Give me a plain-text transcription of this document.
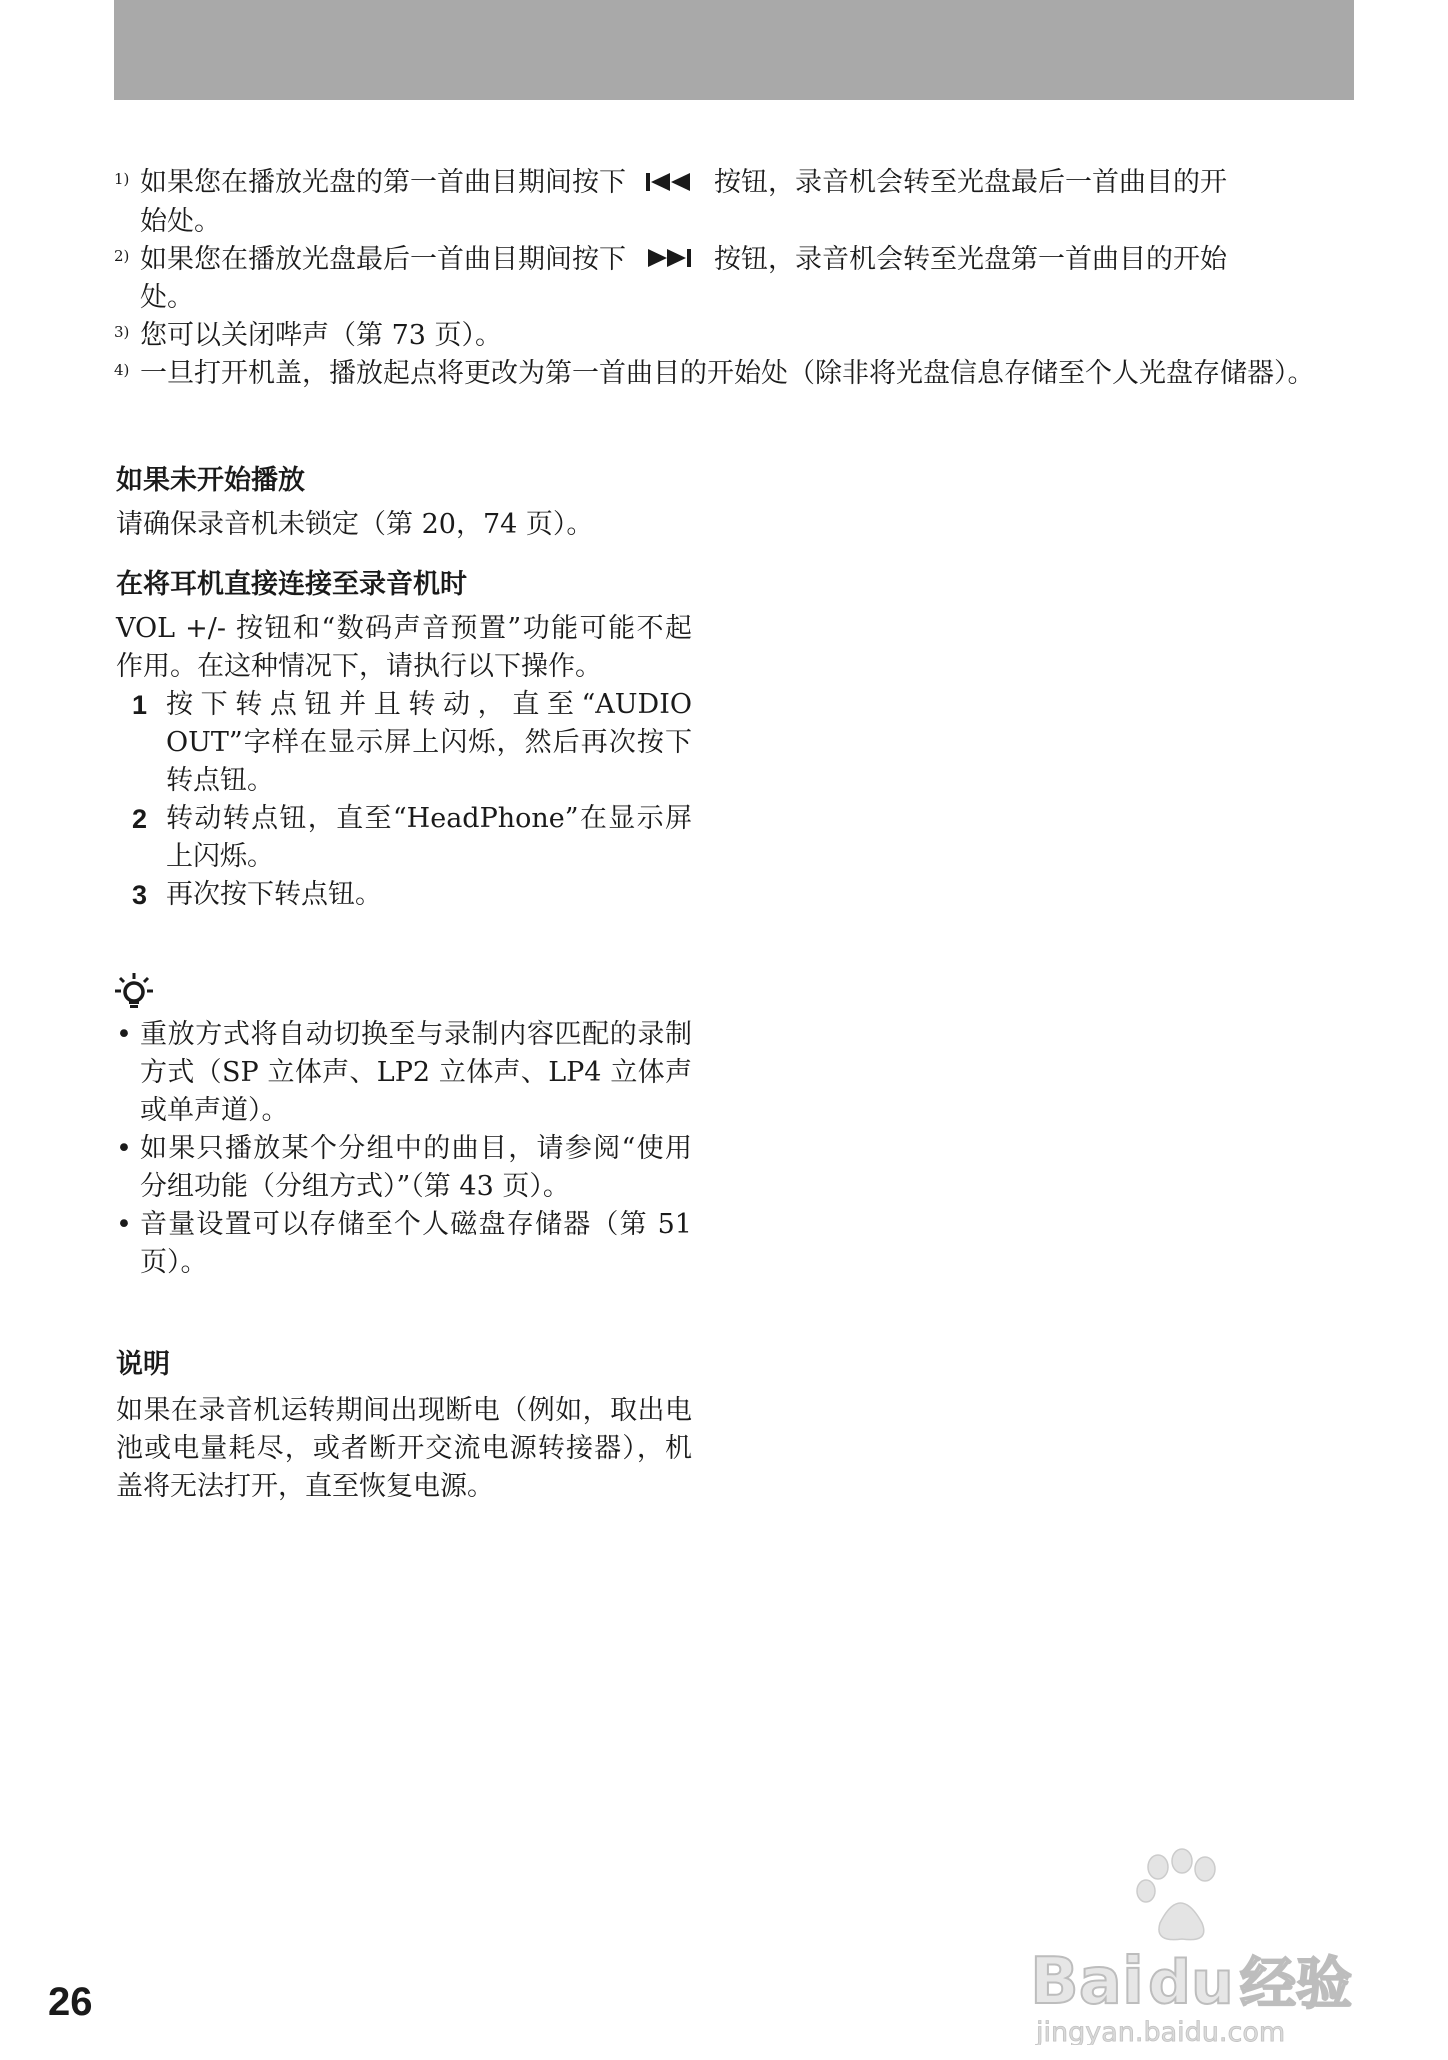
1) 如果您在播放光盘的第一首曲目期间按下	按钮，录音机会转至光盘最后一首曲目的开
始处。
2) 如果您在播放光盘最后一首曲目期间按下	按钮，录音机会转至光盘第一首曲目的开始
处。
3) 您可以关闭哔声（第 73 页）。
4) 一旦打开机盖，播放起点将更改为第一首曲目的开始处（除非将光盘信息存储至个人光盘存储器）。
如果未开始播放
请确保录音机未锁定（第 20，74 页）。
在将耳机直接连接至录音机时
VOL +/- 按钮和“数码声音预置”功能可能不起作用。在这种情况下，请执行以下操作。
1 按下转点钮并且转动，直至“AUDIO OUT”字样在显示屏上闪烁，然后再次按下转点钮。
2 转动转点钮，直至“HeadPhone”在显示屏上闪烁。
3 再次按下转点钮。
• 重放方式将自动切换至与录制内容匹配的录制方式（SP 立体声、LP2 立体声、LP4 立体声或单声道）。
• 如果只播放某个分组中的曲目，请参阅“使用分组功能（分组方式）”（第 43 页）。
• 音量设置可以存储至个人磁盘存储器（第 51 页）。
说明
如果在录音机运转期间出现断电（例如，取出电池或电量耗尽，或者断开交流电源转接器），机盖将无法打开，直至恢复电源。
Bai du 经验
jingyan.baidu.com
26
